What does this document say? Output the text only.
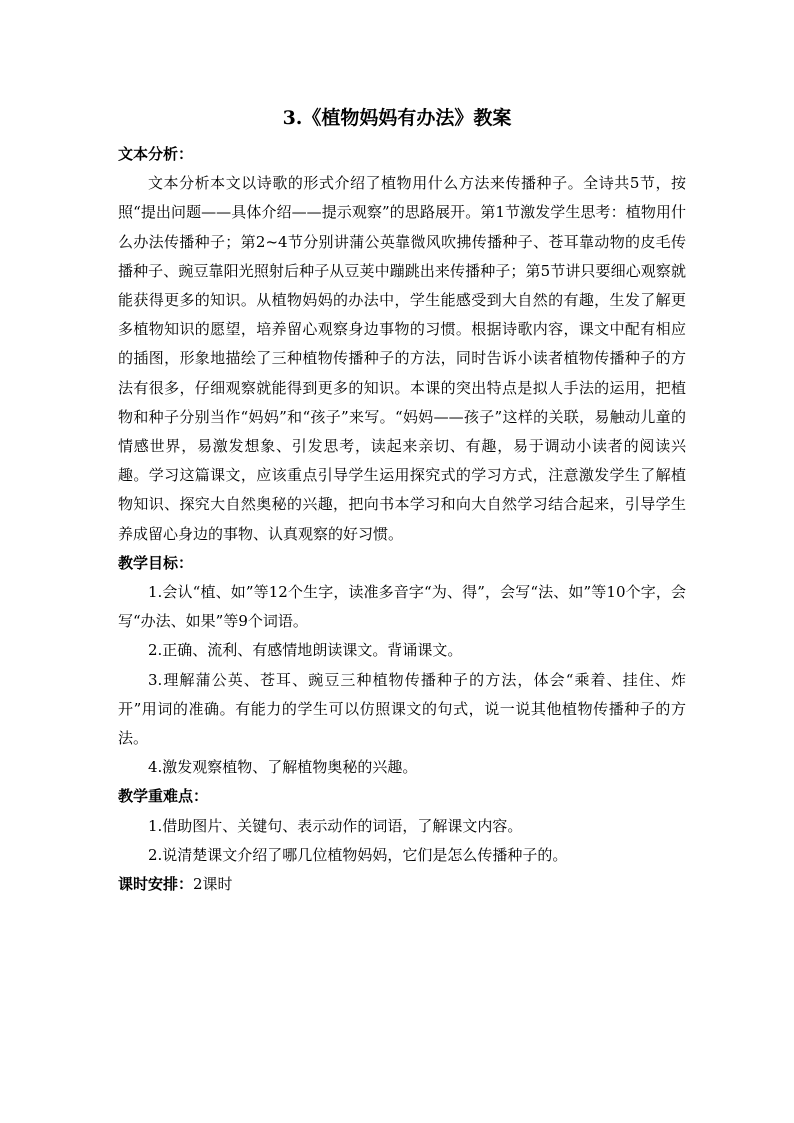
3.《植物妈妈有办法》教案

文本分析：

文本分析本文以诗歌的形式介绍了植物用什么方法来传播种子。全诗共5节，按照“提出问题——具体介绍——提示观察”的思路展开。第1节激发学生思考：植物用什么办法传播种子；第2~4节分别讲蒲公英靠微风吹拂传播种子、苍耳靠动物的皮毛传播种子、豌豆靠阳光照射后种子从豆荚中蹦跳出来传播种子；第5节讲只要细心观察就能获得更多的知识。从植物妈妈的办法中，学生能感受到大自然的有趣，生发了解更多植物知识的愿望，培养留心观察身边事物的习惯。根据诗歌内容，课文中配有相应的插图，形象地描绘了三种植物传播种子的方法，同时告诉小读者植物传播种子的方法有很多，仔细观察就能得到更多的知识。本课的突出特点是拟人手法的运用，把植物和种子分别当作“妈妈”和“孩子”来写。“妈妈——孩子”这样的关联，易触动儿童的情感世界，易激发想象、引发思考，读起来亲切、有趣，易于调动小读者的阅读兴趣。学习这篇课文，应该重点引导学生运用探究式的学习方式，注意激发学生了解植物知识、探究大自然奥秘的兴趣，把向书本学习和向大自然学习结合起来，引导学生养成留心身边的事物、认真观察的好习惯。

教学目标：

1.会认“植、如”等12个生字，读准多音字“为、得”，会写“法、如”等10个字，会写“办法、如果”等9个词语。

2.正确、流利、有感情地朗读课文。背诵课文。

3.理解蒲公英、苍耳、豌豆三种植物传播种子的方法，体会“乘着、挂住、炸开”用词的准确。有能力的学生可以仿照课文的句式，说一说其他植物传播种子的方法。

4.激发观察植物、了解植物奥秘的兴趣。

教学重难点：

1.借助图片、关键句、表示动作的词语，了解课文内容。

2.说清楚课文介绍了哪几位植物妈妈，它们是怎么传播种子的。

课时安排：2课时
